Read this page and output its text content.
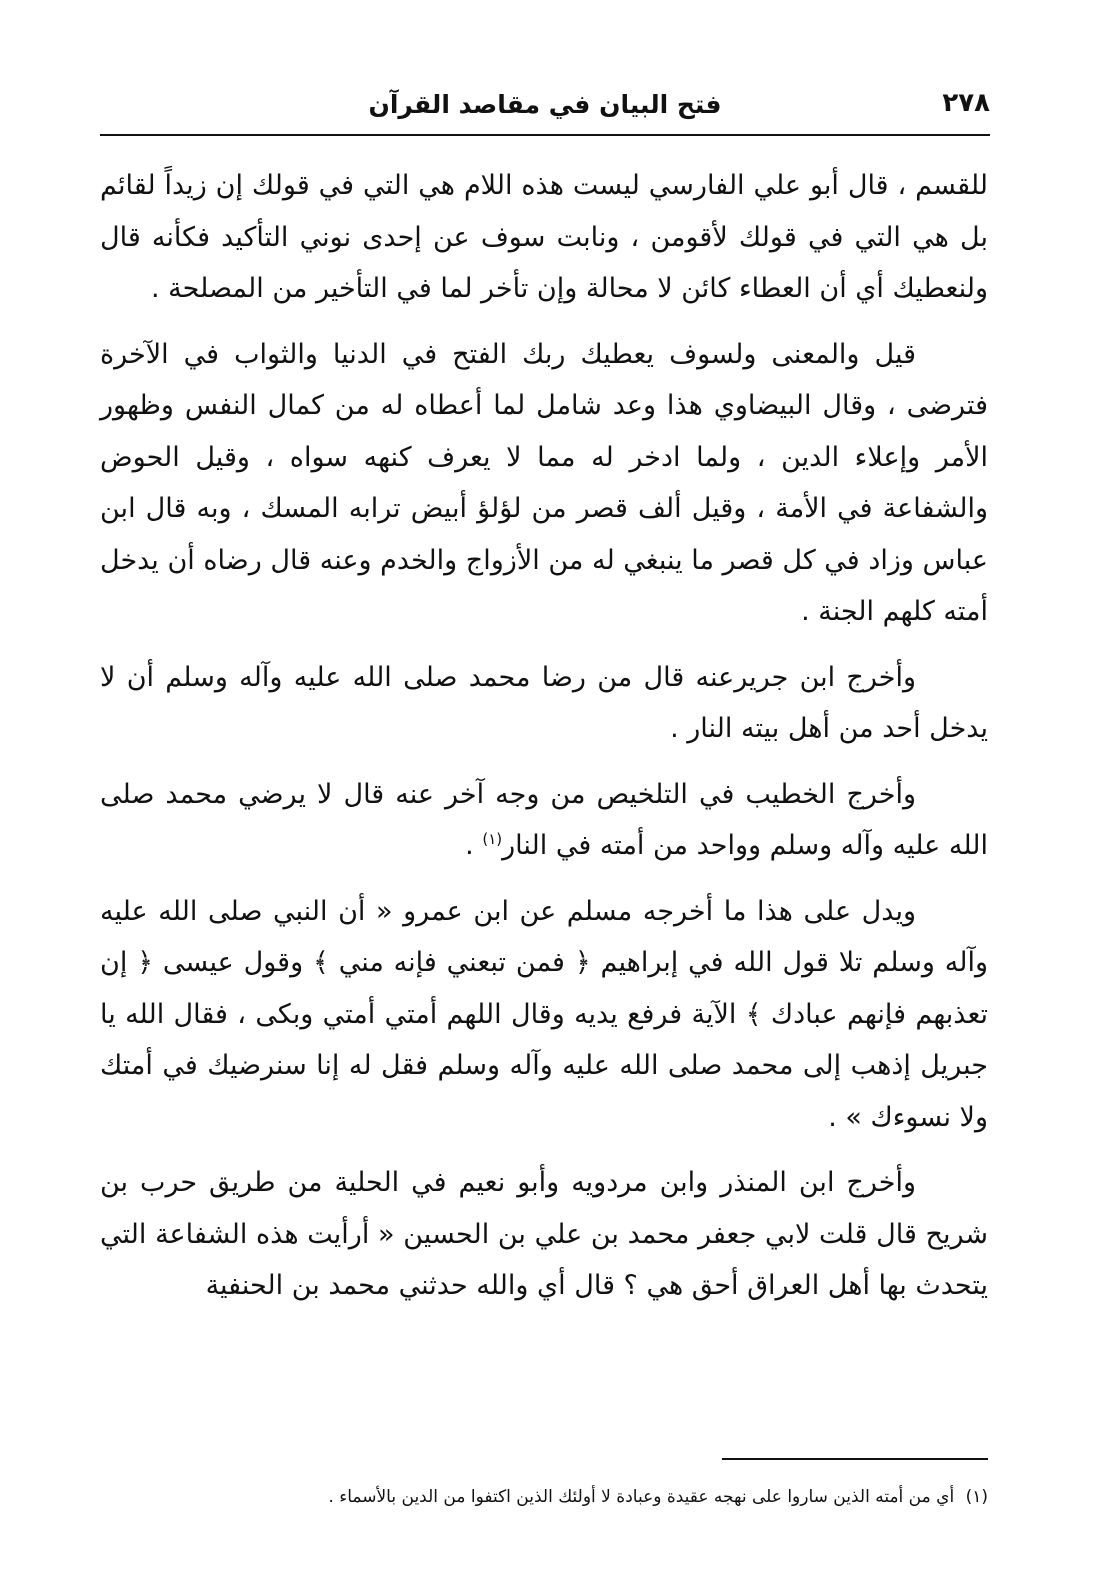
٢٧٨
فتح البيان في مقاصد القرآن

للقسم ، قال أبو علي الفارسي ليست هذه اللام هي التي في قولك إن زيداً لقائم بل هي التي في قولك لأقومن ، ونابت سوف عن إحدى نوني التأكيد فكأنه قال ولنعطيك أي أن العطاء كائن لا محالة وإن تأخر لما في التأخير من المصلحة .

قيل والمعنى ولسوف يعطيك ربك الفتح في الدنيا والثواب في الآخرة فترضى ، وقال البيضاوي هذا وعد شامل لما أعطاه له من كمال النفس وظهور الأمر وإعلاء الدين ، ولما ادخر له مما لا يعرف كنهه سواه ، وقيل الحوض والشفاعة في الأمة ، وقيل ألف قصر من لؤلؤ أبيض ترابه المسك ، وبه قال ابن عباس وزاد في كل قصر ما ينبغي له من الأزواج والخدم وعنه قال رضاه أن يدخل أمته كلهم الجنة .

وأخرج ابن جريرعنه قال من رضا محمد صلى الله عليه وآله وسلم أن لا يدخل أحد من أهل بيته النار .

وأخرج الخطيب في التلخيص من وجه آخر عنه قال لا يرضي محمد صلى الله عليه وآله وسلم وواحد من أمته في النار$^{(١)}$ .

ويدل على هذا ما أخرجه مسلم عن ابن عمرو « أن النبي صلى الله عليه وآله وسلم تلا قول الله في إبراهيم ﴿ فمن تبعني فإنه مني ﴾ وقول عيسى ﴿ إن تعذبهم فإنهم عبادك ﴾ الآية فرفع يديه وقال اللهم أمتي أمتي وبكى ، فقال الله يا جبريل إذهب إلى محمد صلى الله عليه وآله وسلم فقل له إنا سنرضيك في أمتك ولا نسوءك » .

وأخرج ابن المنذر وابن مردويه وأبو نعيم في الحلية من طريق حرب بن شريح قال قلت لابي جعفر محمد بن علي بن الحسين « أرأيت هذه الشفاعة التي يتحدث بها أهل العراق أحق هي ؟ قال أي والله حدثني محمد بن الحنفية

(١) أي من أمته الذين ساروا على نهجه عقيدة وعبادة لا أولئك الذين اكتفوا من الدين بالأسماء .
